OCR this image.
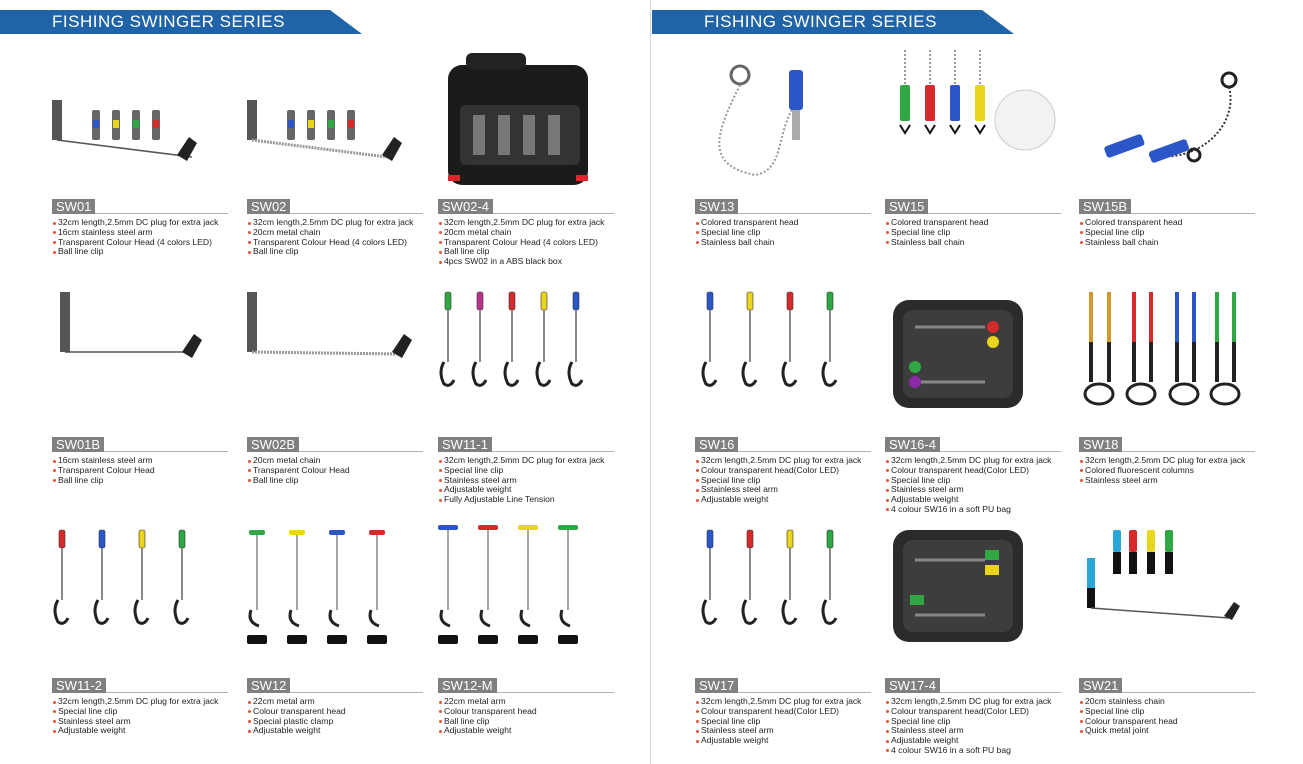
FISHING SWINGER SERIES
SW01
32cm length,2.5mm DC plug for extra jack
16cm stainless steel arm
Transparent Colour Head (4 colors LED)
Ball line clip
SW02
32cm length,2.5mm DC plug for extra jack
20cm metal chain
Transparent Colour Head (4 colors LED)
Ball line clip
SW02-4
32cm length,2.5mm DC plug for extra jack
20cm metal chain
Transparent Colour Head (4 colors LED)
Ball line clip
4pcs SW02 in a ABS black box
SW01B
16cm stainless steel arm
Transparent Colour Head
Ball line clip
SW02B
20cm metal chain
Transparent Colour Head
Ball line clip
SW11-1
32cm length,2.5mm DC plug for extra jack
Special line clip
Stainless steel arm
Adjustable weight
Fully Adjustable Line Tension
SW11-2
32cm length,2.5mm DC plug for extra jack
Special line clip
Stainless steel arm
Adjustable weight
SW12
22cm metal arm
Colour transparent head
Special plastic clamp
Adjustable weight
SW12-M
22cm metal arm
Colour transparent head
Ball line clip
Adjustable weight
FISHING SWINGER SERIES
SW13
Colored transparent head
Special line clip
Stainless ball chain
SW15
Colored transparent head
Special line clip
Stainless ball chain
SW15B
Colored transparent head
Special line clip
Stainless ball chain
SW16
32cm length,2.5mm DC plug for extra jack
Colour transparent head(Color LED)
Special line clip
Sstainless steel arm
Adjustable weight
SW16-4
32cm length,2.5mm DC plug for extra jack
Colour transparent head(Color LED)
Special line clip
Stainless steel arm
Adjustable weight
4 colour SW16 in a soft PU bag
SW18
32cm length,2.5mm DC plug for extra jack
Colored fluorescent columns
Stainless steel arm
SW17
32cm length,2.5mm DC plug for extra jack
Colour transparent head(Color LED)
Special line clip
Stainless steel arm
Adjustable weight
SW17-4
32cm length,2.5mm DC plug for extra jack
Colour transparent head(Color LED)
Special line clip
Stainless steel arm
Adjustable weight
4 colour SW16 in a soft PU bag
SW21
20cm stainless chain
Special line clip
Colour transparent head
Quick metal joint
